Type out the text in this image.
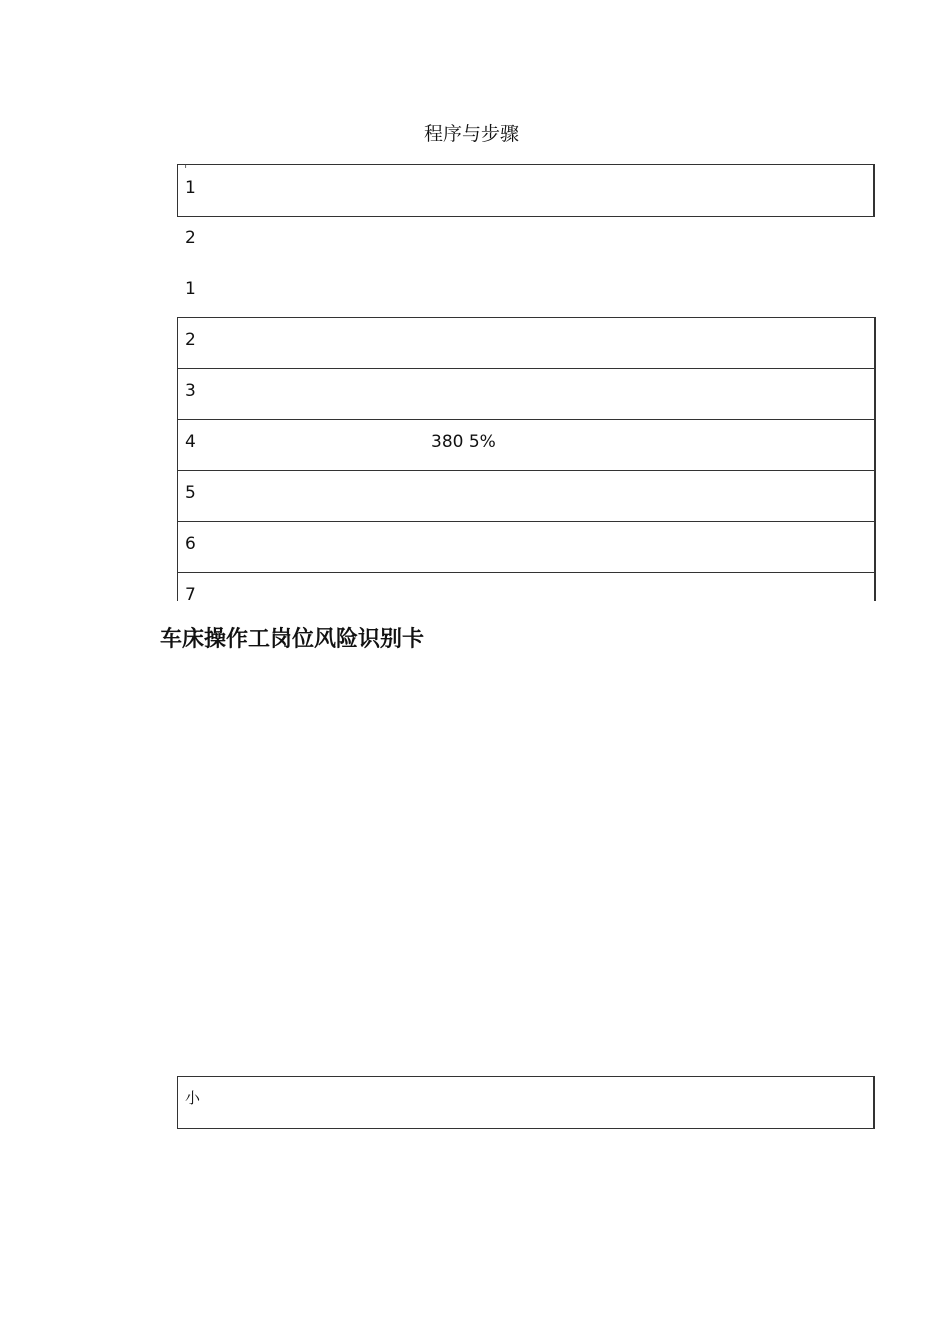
程序与步骤
ˈ
1
2
1
2
3
4	380 5%
5
6
7
车床操作工岗位风险识别卡
小
